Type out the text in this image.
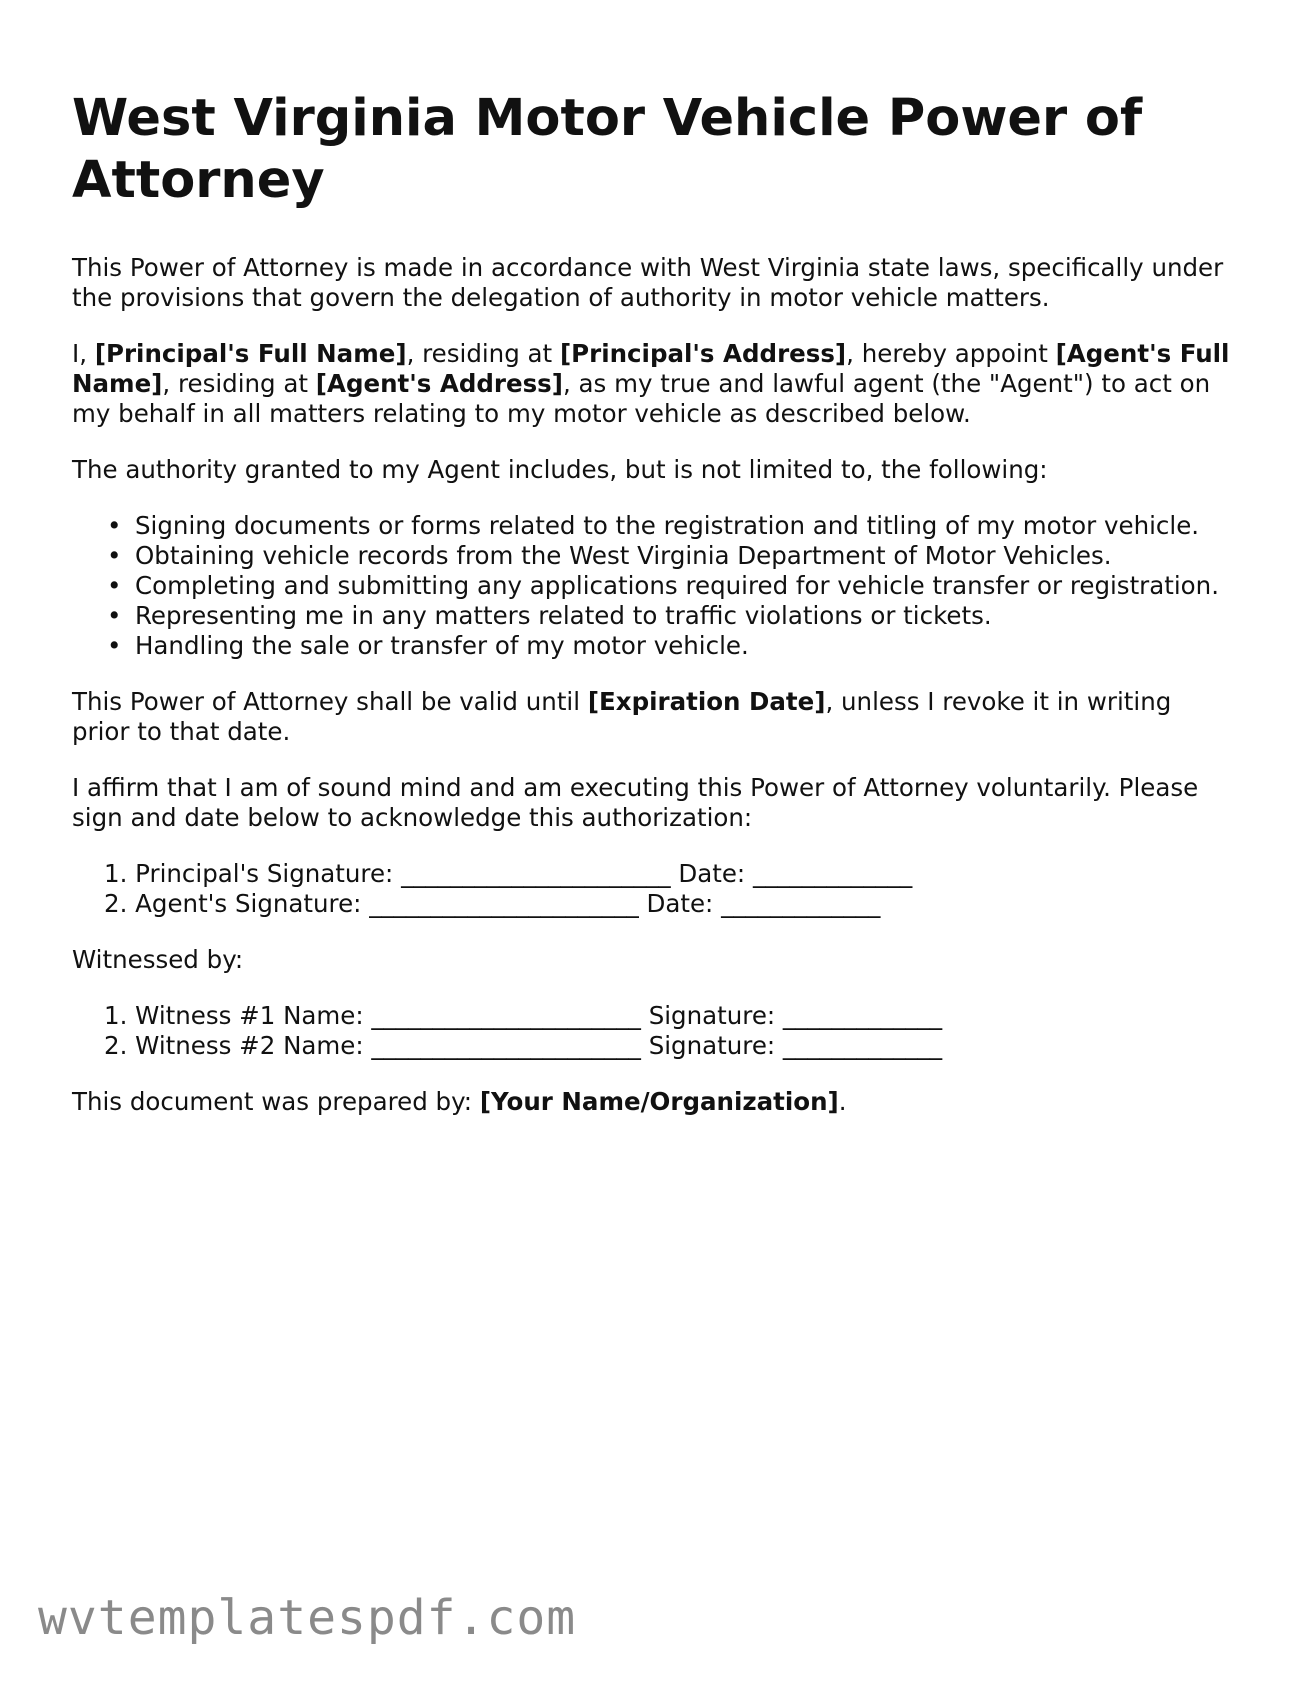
West Virginia Motor Vehicle Power of Attorney

This Power of Attorney is made in accordance with West Virginia state laws, specifically under the provisions that govern the delegation of authority in motor vehicle matters.

I, [Principal's Full Name], residing at [Principal's Address], hereby appoint [Agent's Full Name], residing at [Agent's Address], as my true and lawful agent (the "Agent") to act on my behalf in all matters relating to my motor vehicle as described below.

The authority granted to my Agent includes, but is not limited to, the following:

• Signing documents or forms related to the registration and titling of my motor vehicle.
• Obtaining vehicle records from the West Virginia Department of Motor Vehicles.
• Completing and submitting any applications required for vehicle transfer or registration.
• Representing me in any matters related to traffic violations or tickets.
• Handling the sale or transfer of my motor vehicle.

This Power of Attorney shall be valid until [Expiration Date], unless I revoke it in writing prior to that date.

I affirm that I am of sound mind and am executing this Power of Attorney voluntarily. Please sign and date below to acknowledge this authorization:

1. Principal's Signature: ______________________ Date: _____________
2. Agent's Signature: ______________________ Date: _____________

Witnessed by:

1. Witness #1 Name: ______________________ Signature: _____________
2. Witness #2 Name: ______________________ Signature: _____________

This document was prepared by: [Your Name/Organization].

wvtemplatespdf.com
